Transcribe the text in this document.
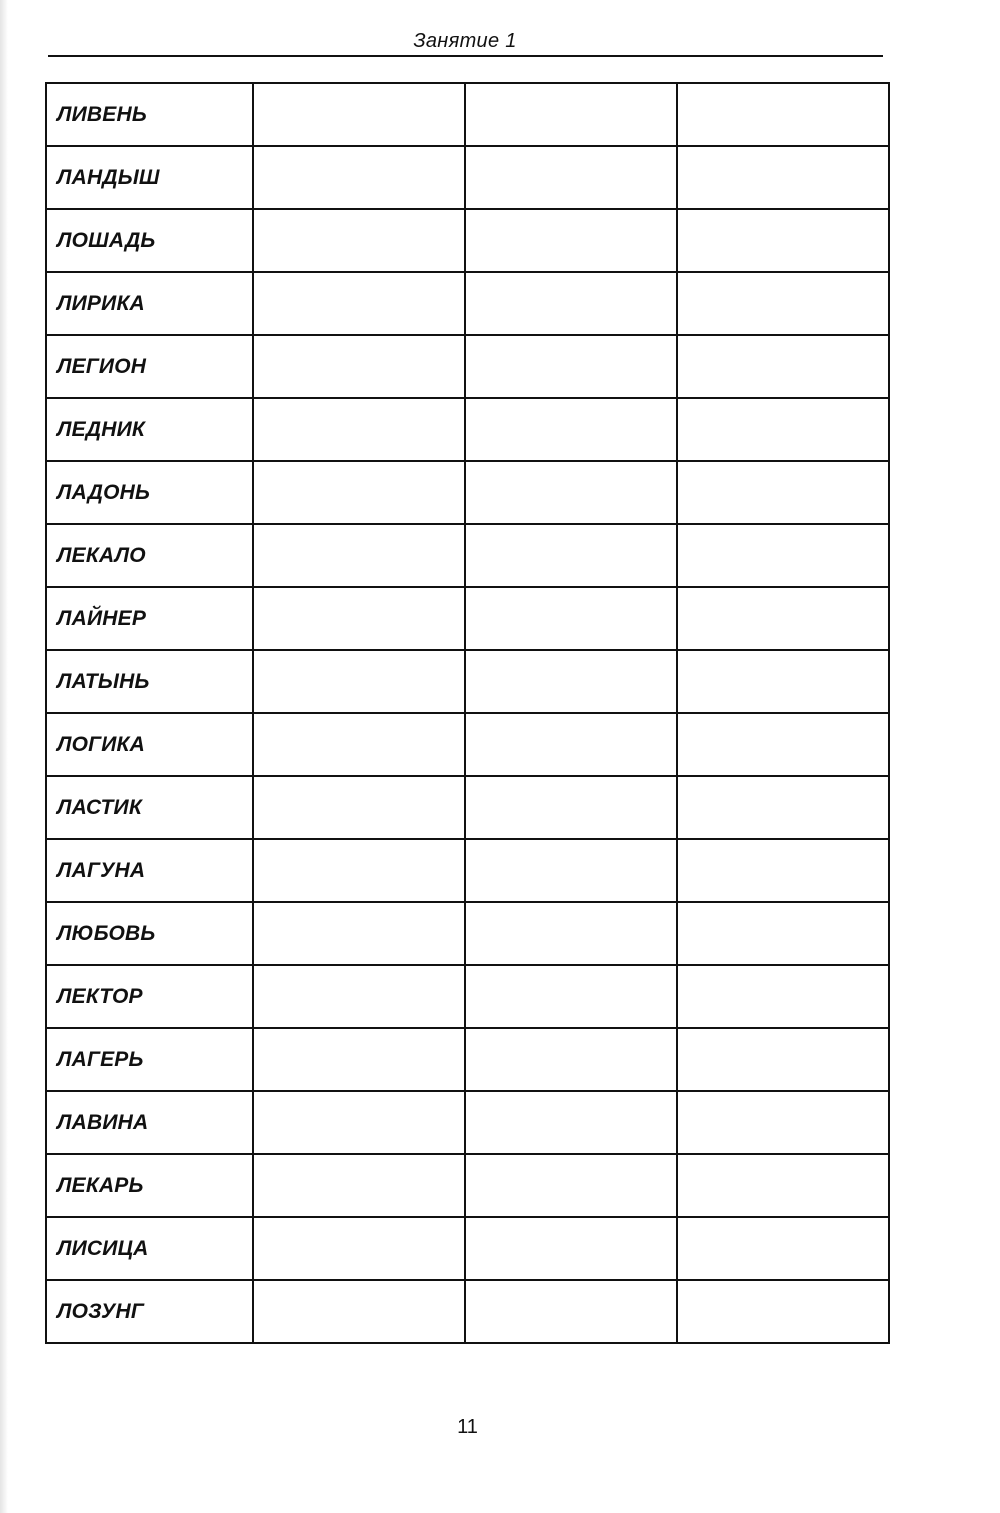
Занятие 1
ЛИВЕНЬ			
ЛАНДЫШ			
ЛОШАДЬ			
ЛИРИКА			
ЛЕГИОН			
ЛЕДНИК			
ЛАДОНЬ			
ЛЕКАЛО			
ЛАЙНЕР			
ЛАТЫНЬ			
ЛОГИКА			
ЛАСТИК			
ЛАГУНА			
ЛЮБОВЬ			
ЛЕКТОР			
ЛАГЕРЬ			
ЛАВИНА			
ЛЕКАРЬ			
ЛИСИЦА			
ЛОЗУНГ			
11
